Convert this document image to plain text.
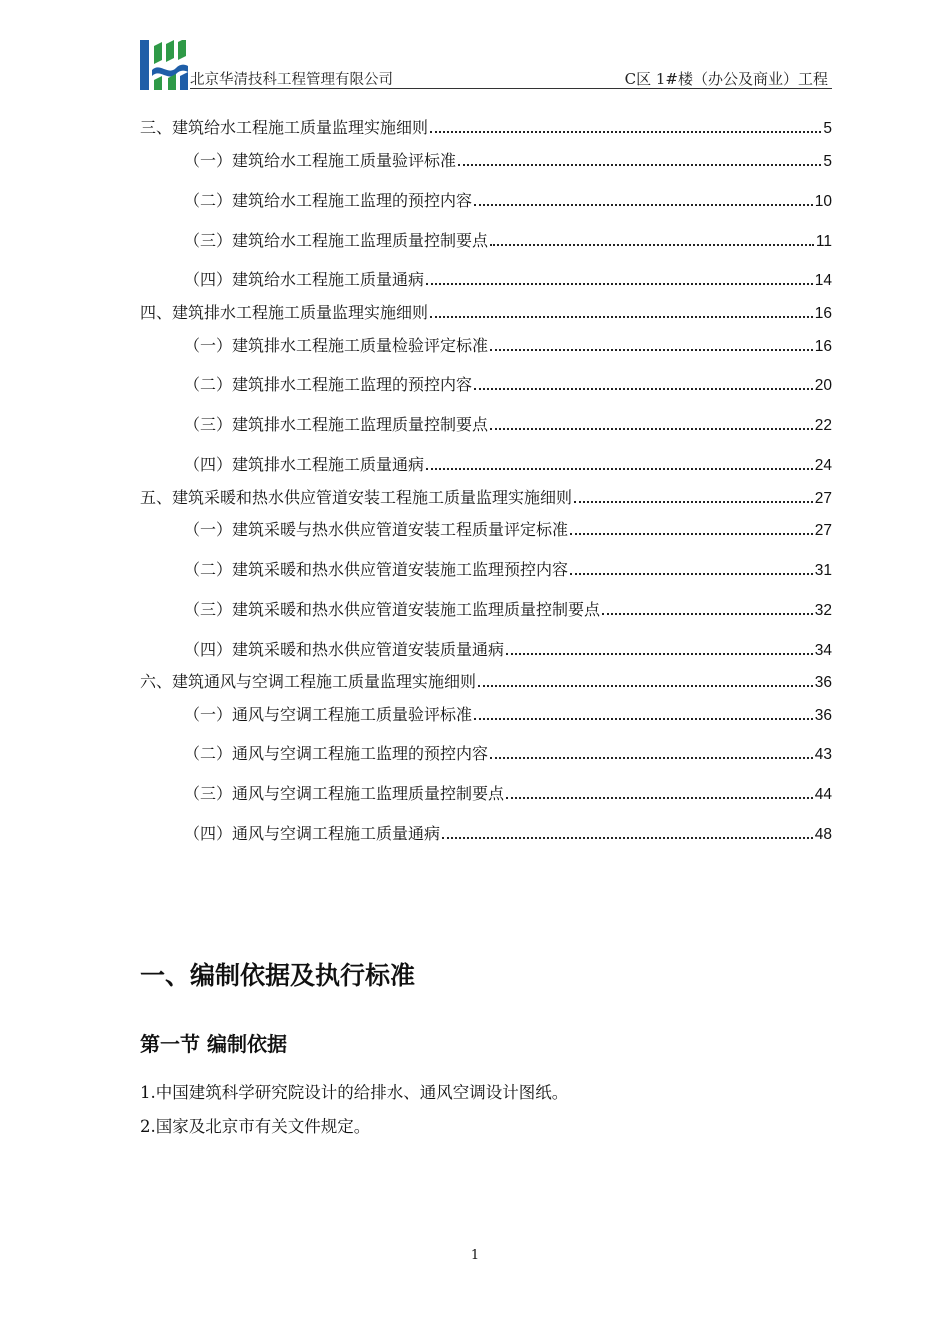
北京华清技科工程管理有限公司	C区 1#楼（办公及商业）工程
三、建筑给水工程施工质量监理实施细则	5
（一）建筑给水工程施工质量验评标准	5
（二）建筑给水工程施工监理的预控内容	10
（三）建筑给水工程施工监理质量控制要点	11
（四）建筑给水工程施工质量通病	14
四、建筑排水工程施工质量监理实施细则	16
（一）建筑排水工程施工质量检验评定标准	16
（二）建筑排水工程施工监理的预控内容	20
（三）建筑排水工程施工监理质量控制要点	22
（四）建筑排水工程施工质量通病	24
五、建筑采暖和热水供应管道安装工程施工质量监理实施细则	27
（一）建筑采暖与热水供应管道安装工程质量评定标准	27
（二）建筑采暖和热水供应管道安装施工监理预控内容	31
（三）建筑采暖和热水供应管道安装施工监理质量控制要点	32
（四）建筑采暖和热水供应管道安装质量通病	34
六、建筑通风与空调工程施工质量监理实施细则	36
（一）通风与空调工程施工质量验评标准	36
（二）通风与空调工程施工监理的预控内容	43
（三）通风与空调工程施工监理质量控制要点	44
（四）通风与空调工程施工质量通病	48
一、编制依据及执行标准
第一节 编制依据
1.中国建筑科学研究院设计的给排水、通风空调设计图纸。
2.国家及北京市有关文件规定。
1
